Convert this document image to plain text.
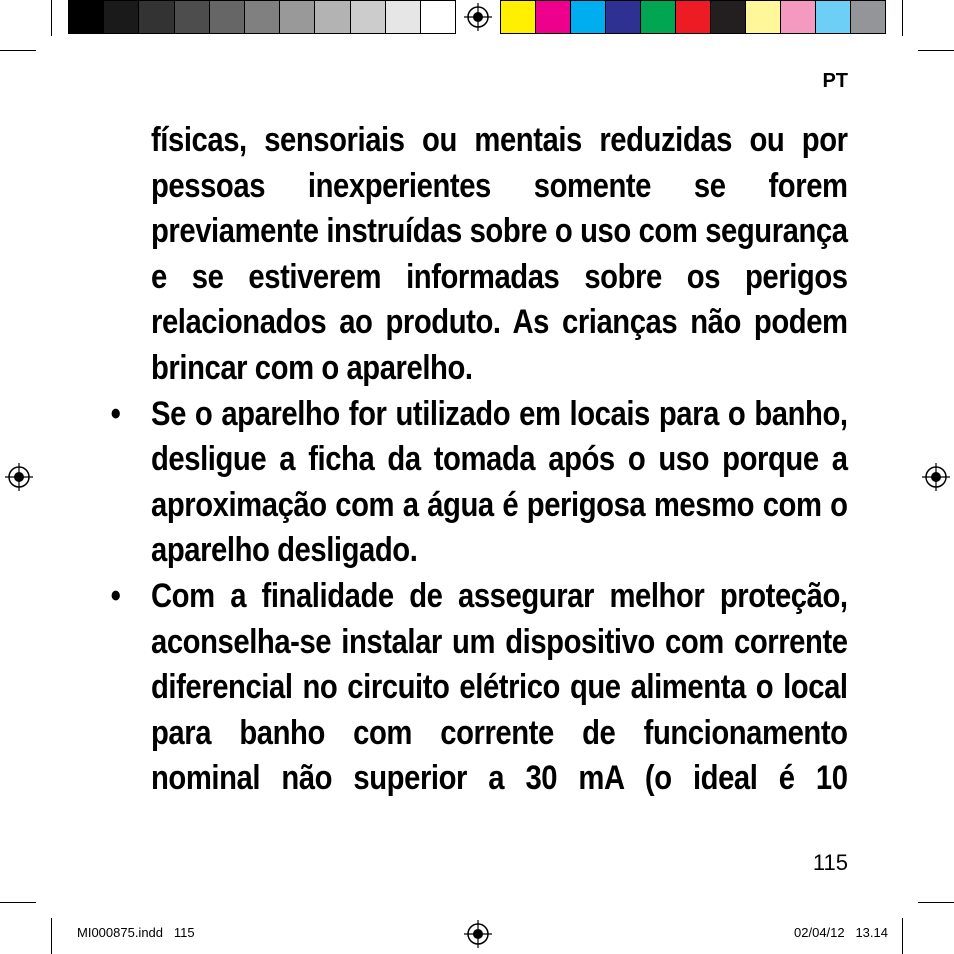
PT

físicas, sensoriais ou mentais reduzidas ou por pessoas inexperientes somente se forem previamente instruídas sobre o uso com segurança e se estiverem informadas sobre os perigos relacionados ao produto. As crianças não podem brincar com o aparelho.

• Se o aparelho for utilizado em locais para o banho, desligue a ficha da tomada após o uso porque a aproximação com a água é perigosa mesmo com o aparelho desligado.

• Com a finalidade de assegurar melhor proteção, aconselha-se instalar um dispositivo com corrente diferencial no circuito elétrico que alimenta o local para banho com corrente de funcionamento nominal não superior a 30 mA (o ideal é 10

115
MI000875.indd   115	02/04/12   13.14
